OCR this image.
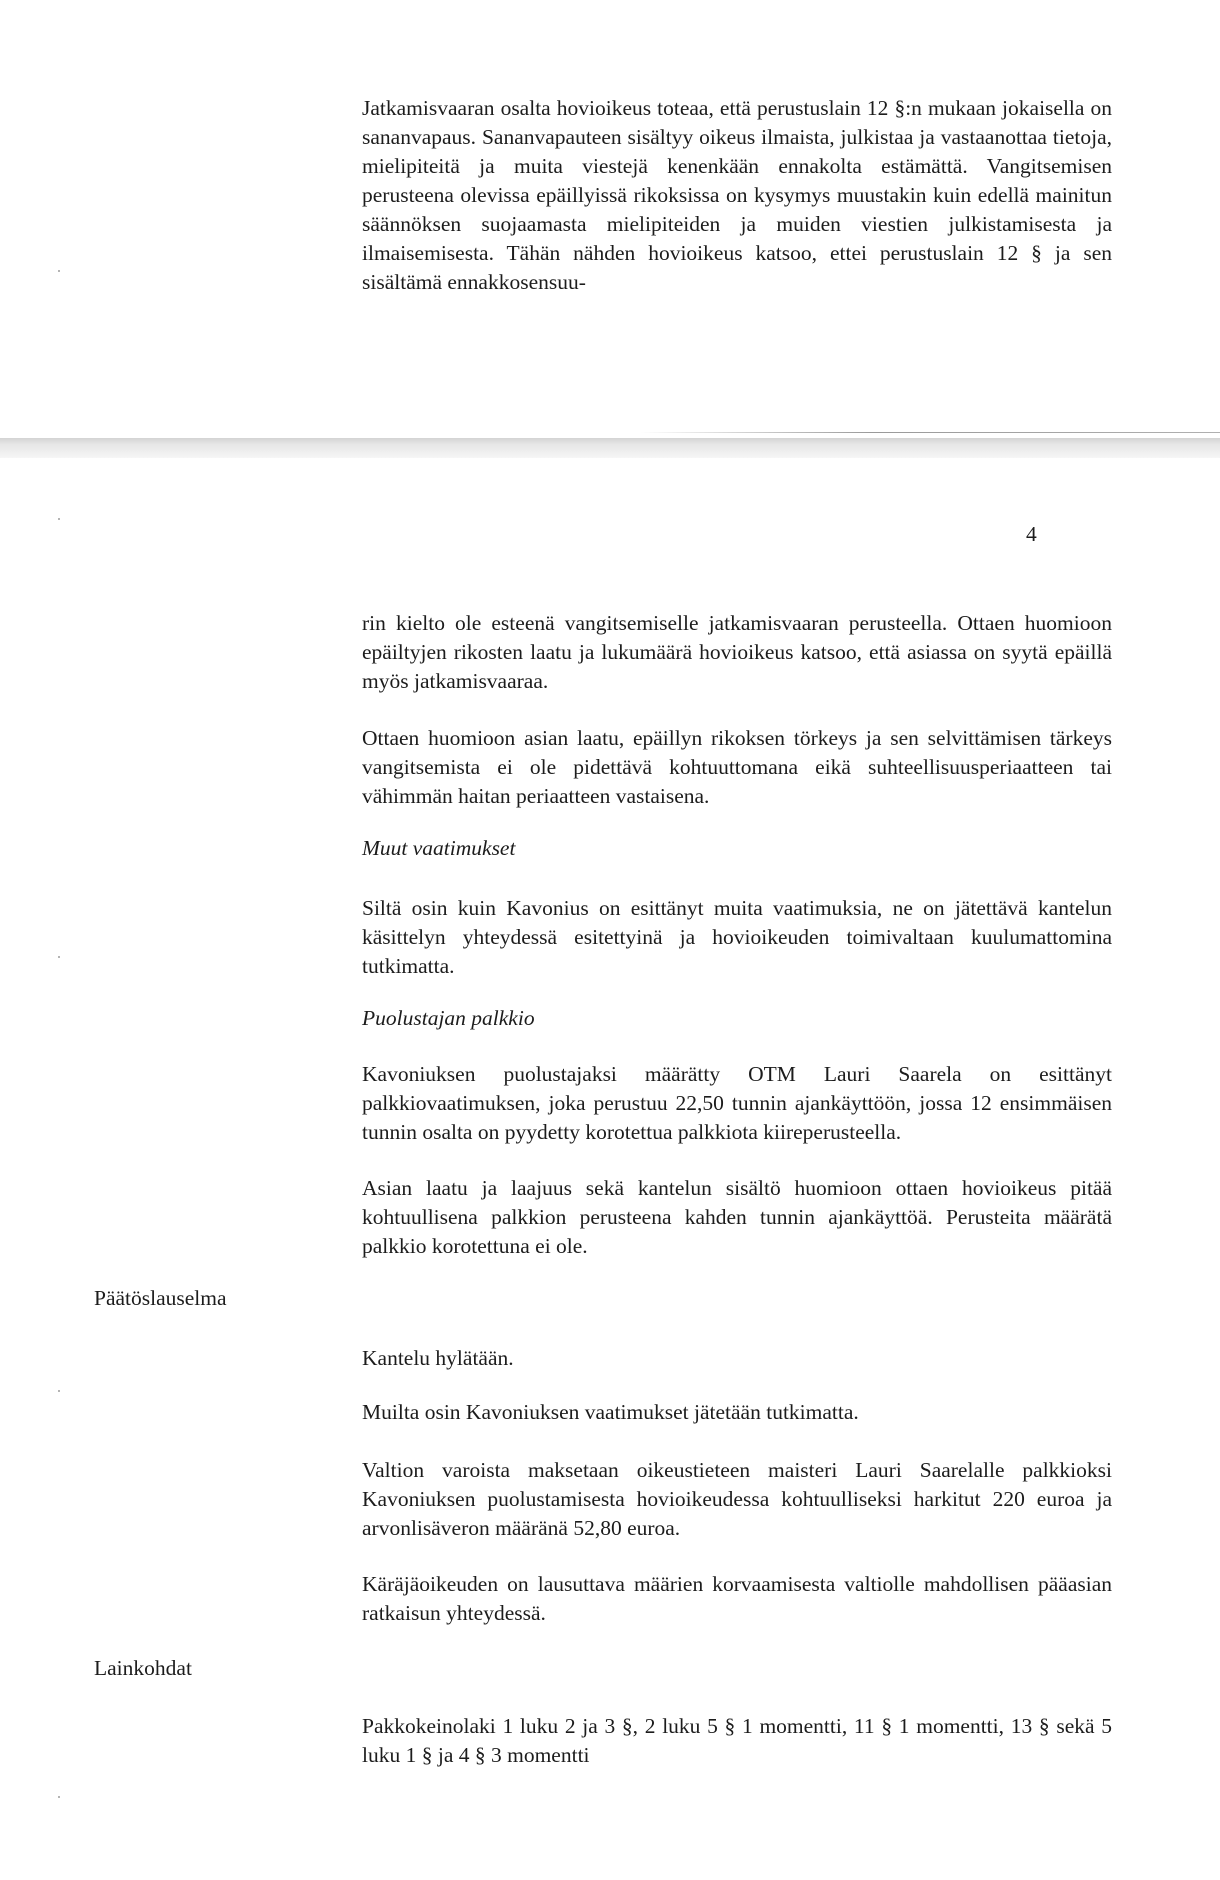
Jatkamisvaaran osalta hovioikeus toteaa, että perustuslain 12 §:n mukaan jokaisella on sananvapaus. Sananvapauteen sisältyy oikeus ilmaista, julkistaa ja vastaanottaa tietoja, mielipiteitä ja muita viestejä kenenkään ennakolta estämättä. Vangitsemisen perusteena olevissa epäillyissä rikoksissa on kysymys muustakin kuin edellä mainitun säännöksen suojaamasta mielipiteiden ja muiden viestien julkistamisesta ja ilmaisemisesta. Tähän nähden hovioikeus katsoo, ettei perustuslain 12 § ja sen sisältämä ennakkosensuu-

4

rin kielto ole esteenä vangitsemiselle jatkamisvaaran perusteella. Ottaen huomioon epäiltyjen rikosten laatu ja lukumäärä hovioikeus katsoo, että asiassa on syytä epäillä myös jatkamisvaaraa.

Ottaen huomioon asian laatu, epäillyn rikoksen törkeys ja sen selvittämisen tärkeys vangitsemista ei ole pidettävä kohtuuttomana eikä suhteellisuusperiaatteen tai vähimmän haitan periaatteen vastaisena.

Muut vaatimukset

Siltä osin kuin Kavonius on esittänyt muita vaatimuksia, ne on jätettävä kantelun käsittelyn yhteydessä esitettyinä ja hovioikeuden toimivaltaan kuulumattomina tutkimatta.

Puolustajan palkkio

Kavoniuksen puolustajaksi määrätty OTM Lauri Saarela on esittänyt palkkiovaatimuksen, joka perustuu 22,50 tunnin ajankäyttöön, jossa 12 ensimmäisen tunnin osalta on pyydetty korotettua palkkiota kiireperusteella.

Asian laatu ja laajuus sekä kantelun sisältö huomioon ottaen hovioikeus pitää kohtuullisena palkkion perusteena kahden tunnin ajankäyttöä. Perusteita määrätä palkkio korotettuna ei ole.

Päätöslauselma

Kantelu hylätään.

Muilta osin Kavoniuksen vaatimukset jätetään tutkimatta.

Valtion varoista maksetaan oikeustieteen maisteri Lauri Saarelalle palkkioksi Kavoniuksen puolustamisesta hovioikeudessa kohtuulliseksi harkitut 220 euroa ja arvonlisäveron määränä 52,80 euroa.

Käräjäoikeuden on lausuttava määrien korvaamisesta valtiolle mahdollisen pääasian ratkaisun yhteydessä.

Lainkohdat

Pakkokeinolaki 1 luku 2 ja 3 §, 2 luku 5 § 1 momentti, 11 § 1 momentti, 13 § sekä 5 luku 1 § ja 4 § 3 momentti
